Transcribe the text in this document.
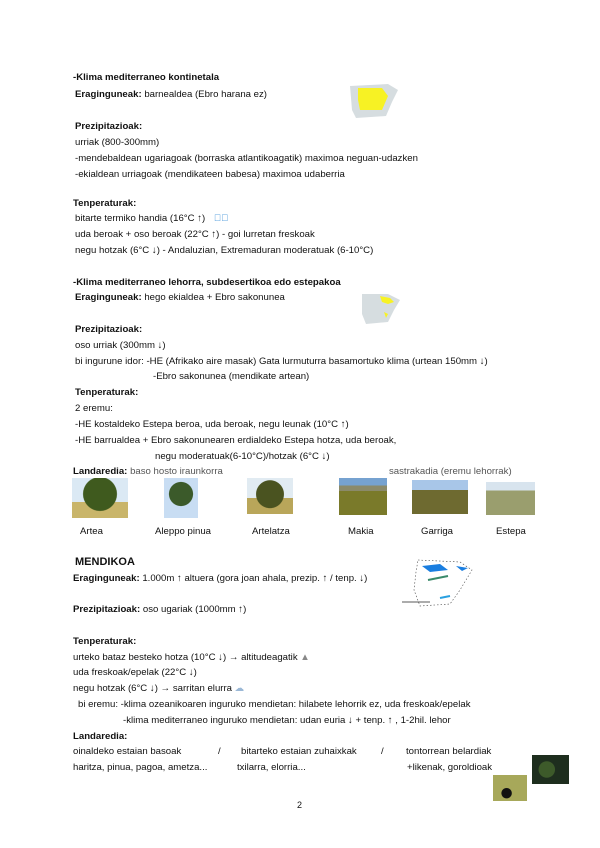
-Klima mediterraneo kontinetala
Eraginguneak: barnealdea (Ebro harana ez)
Prezipitazioak:
urriak (800-300mm)
-mendebaldean ugariagoak (borraska atlantikoagatik) maximoa neguan-udazken
-ekialdean urriagoak (mendikateen babesa) maximoa udaberria
Tenperaturak:
bitarte termiko handia (16°C ↑) ☀
uda beroak + oso beroak (22°C ↑) - goi lurretan freskoak
negu hotzak (6°C ↓) - Andaluzian, Extremaduran moderatuak (6-10°C)
-Klima mediterraneo lehorra, subdesertikoa edo estepakoa
Eraginguneak: hego ekialdea + Ebro sakonunea
Prezipitazioak:
oso urriak (300mm ↓)
bi ingurune idor: -HE (Afrikako aire masak) Gata lurmuturra basamortuko klima (urtean 150mm ↓)
-Ebro sakonunea (mendikate artean)
Tenperaturak:
2 eremu:
-HE kostaldeko Estepa beroa, uda beroak, negu leunak (10°C ↑)
-HE barrualdea + Ebro sakonunearen erdialdeko Estepa hotza, uda beroak,
negu moderatuak(6-10°C)/hotzak (6°C ↓)
Landaredia: baso hosto iraunkorra	sastrakadia (eremu lehorrak)
Artea	Aleppo pinua	Artelatza	Makia	Garriga	Estepa
MENDIKOA
Eraginguneak: 1.000m ↑ altuera (gora joan ahala, prezip. ↑ / tenp. ↓)
Prezipitazioak: oso ugariak (1000mm ↑)
Tenperaturak:
urteko bataz besteko hotza (10°C ↓) → altitudeagatik ▲
uda freskoak/epelak (22°C ↓)
negu hotzak (6°C ↓) → sarritan elurra ☁
bi eremu: -klima ozeanikoaren inguruko mendietan: hilabete lehorrik ez, uda freskoak/epelak
-klima mediterraneo inguruko mendietan: udan euria ↓ + tenp. ↑ , 1-2hil. lehor
Landaredia:
oinaldeko estaian basoak	/ bitarteko estaian zuhaixkak	/ tontorrean belardiak
haritza, pinua, pagoa, ametza...	txilarra, elorria...	+likenak, goroldioak
2
